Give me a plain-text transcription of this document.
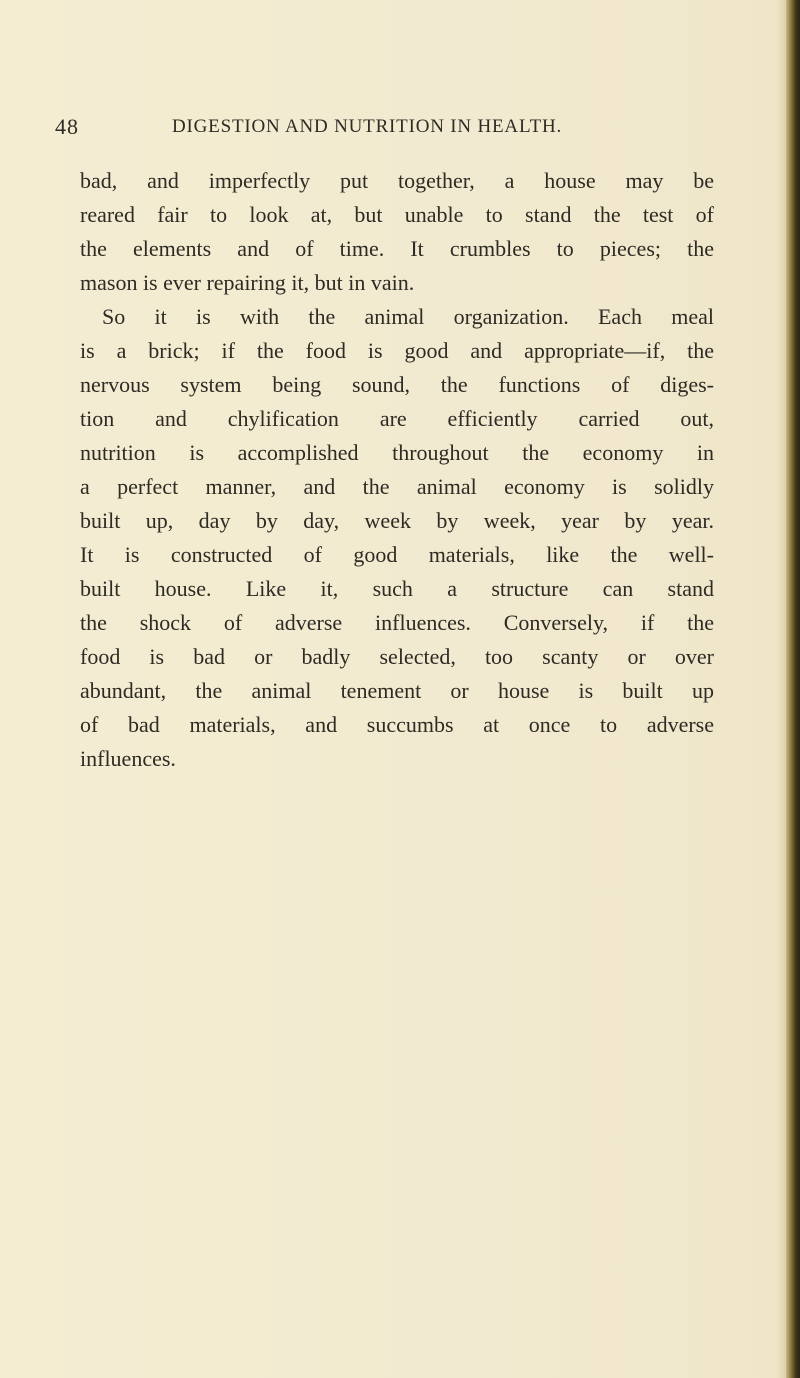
48	DIGESTION AND NUTRITION IN HEALTH.
bad, and imperfectly put together, a house may be
reared fair to look at, but unable to stand the test of
the elements and of time. It crumbles to pieces; the
mason is ever repairing it, but in vain.
So it is with the animal organization. Each meal
is a brick; if the food is good and appropriate—if, the
nervous system being sound, the functions of diges-
tion and chylification are efficiently carried out,
nutrition is accomplished throughout the economy in
a perfect manner, and the animal economy is solidly
built up, day by day, week by week, year by year.
It is constructed of good materials, like the well-
built house. Like it, such a structure can stand
the shock of adverse influences. Conversely, if the
food is bad or badly selected, too scanty or over
abundant, the animal tenement or house is built up
of bad materials, and succumbs at once to adverse
influences.
